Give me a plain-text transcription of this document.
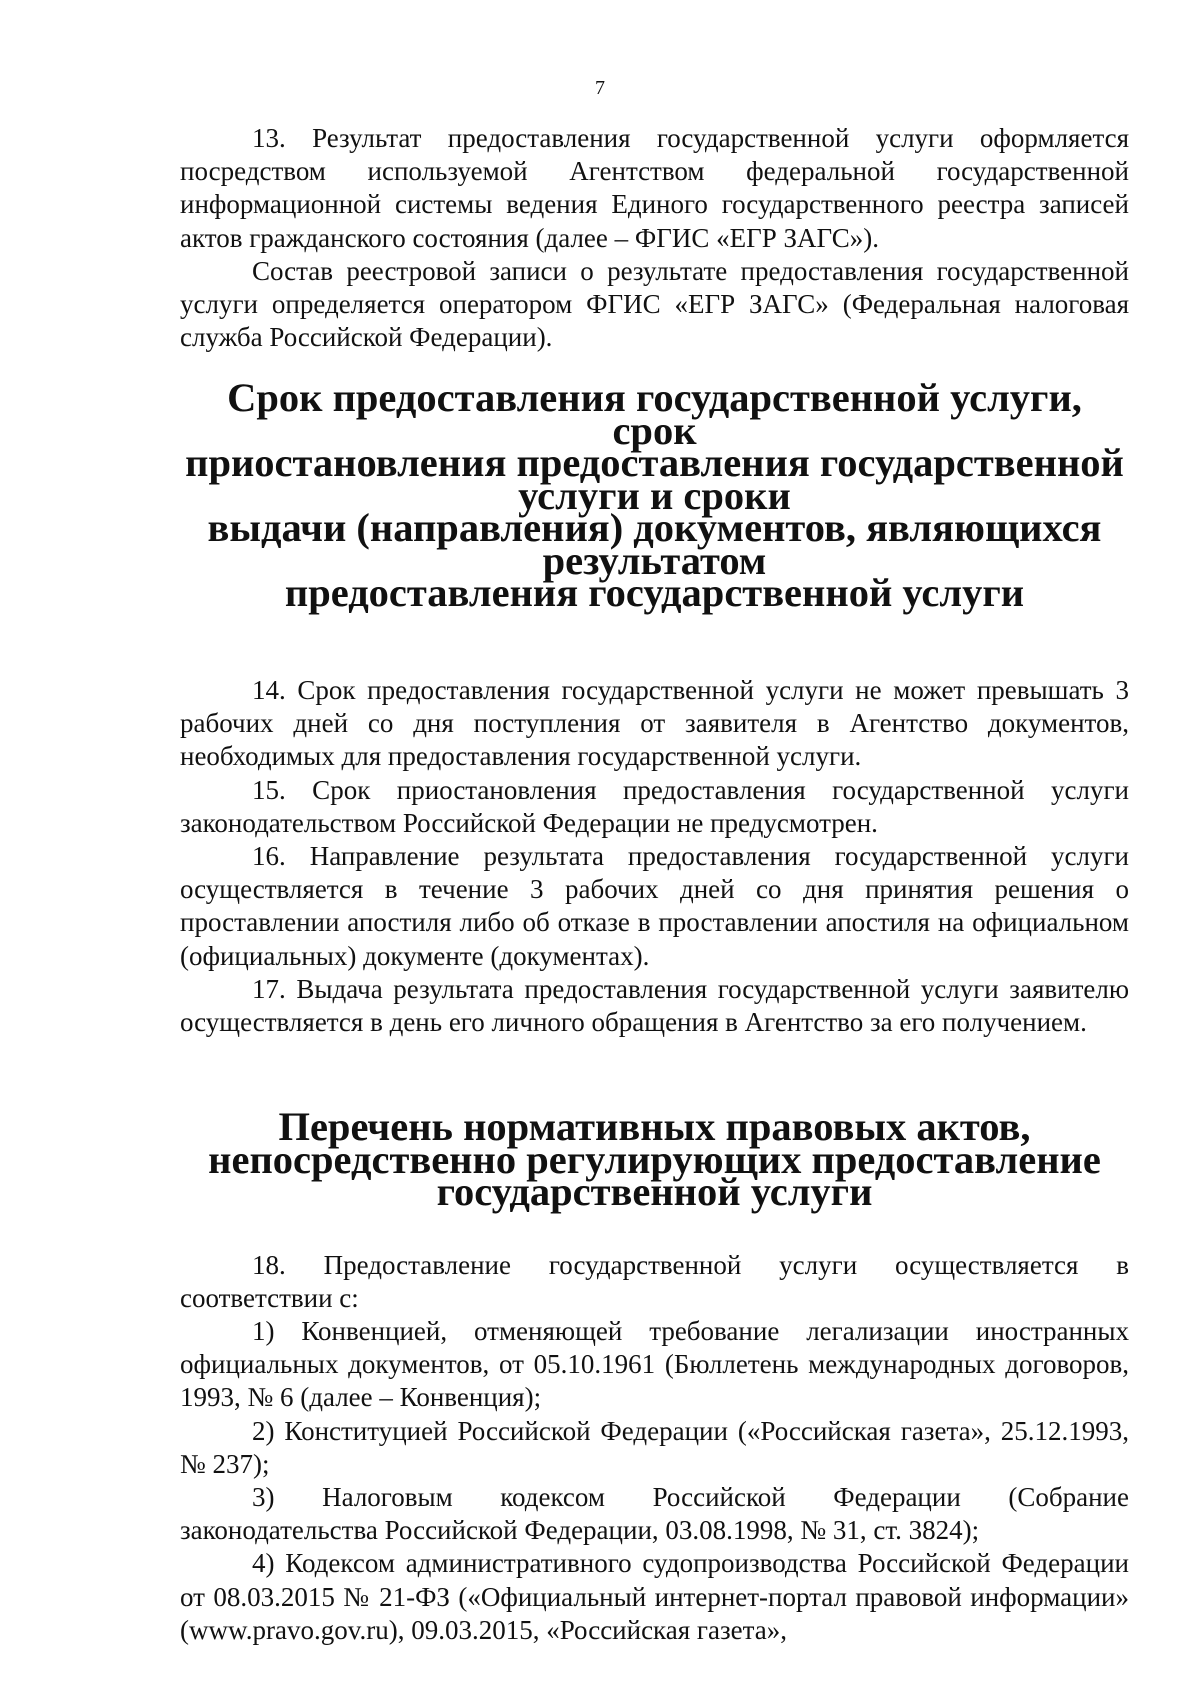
7

13. Результат предоставления государственной услуги оформляется посредством используемой Агентством федеральной государственной информационной системы ведения Единого государственного реестра записей актов гражданского состояния (далее – ФГИС «ЕГР ЗАГС»).

Состав реестровой записи о результате предоставления государственной услуги определяется оператором ФГИС «ЕГР ЗАГС» (Федеральная налоговая служба Российской Федерации).

Срок предоставления государственной услуги, срок
приостановления предоставления государственной услуги и сроки
выдачи (направления) документов, являющихся результатом
предоставления государственной услуги

14. Срок предоставления государственной услуги не может превышать 3 рабочих дней со дня поступления от заявителя в Агентство документов, необходимых для предоставления государственной услуги.

15. Срок приостановления предоставления государственной услуги законодательством Российской Федерации не предусмотрен.

16. Направление результата предоставления государственной услуги осуществляется в течение 3 рабочих дней со дня принятия решения о проставлении апостиля либо об отказе в проставлении апостиля на официальном (официальных) документе (документах).

17. Выдача результата предоставления государственной услуги заявителю осуществляется в день его личного обращения в Агентство за его получением.

Перечень нормативных правовых актов,
непосредственно регулирующих предоставление
государственной услуги

18. Предоставление государственной услуги осуществляется в соответствии с:

1) Конвенцией, отменяющей требование легализации иностранных официальных документов, от 05.10.1961 (Бюллетень международных договоров, 1993, № 6 (далее – Конвенция);

2) Конституцией Российской Федерации («Российская газета», 25.12.1993, № 237);

3) Налоговым кодексом Российской Федерации (Собрание законодательства Российской Федерации, 03.08.1998, № 31, ст. 3824);

4) Кодексом административного судопроизводства Российской Федерации от 08.03.2015 № 21-ФЗ («Официальный интернет-портал правовой информации» (www.pravo.gov.ru), 09.03.2015, «Российская газета»,
